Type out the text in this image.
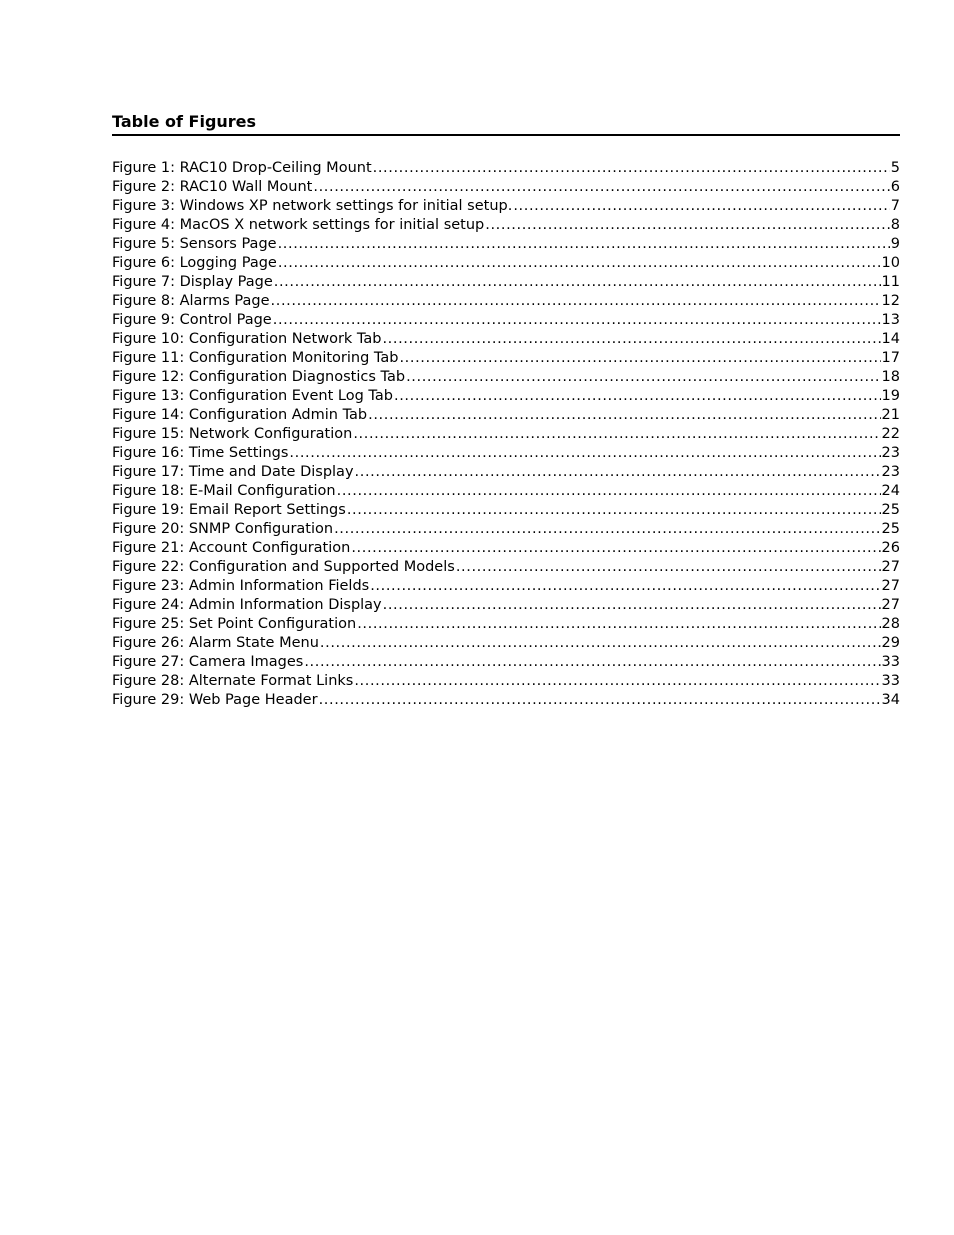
Table of Figures
Figure 1: RAC10 Drop-Ceiling Mount .....	5
Figure 2: RAC10 Wall Mount .....	6
Figure 3: Windows XP network settings for initial setup. .....	7
Figure 4: MacOS X network settings for initial setup .....	8
Figure 5: Sensors Page .....	9
Figure 6: Logging Page .....	10
Figure 7: Display Page .....	11
Figure 8: Alarms Page .....	12
Figure 9: Control Page .....	13
Figure 10: Configuration Network Tab .....	14
Figure 11: Configuration Monitoring Tab .....	17
Figure 12: Configuration Diagnostics Tab .....	18
Figure 13: Configuration Event Log Tab .....	19
Figure 14: Configuration Admin Tab .....	21
Figure 15: Network Configuration .....	22
Figure 16: Time Settings .....	23
Figure 17: Time and Date Display .....	23
Figure 18: E-Mail Configuration .....	24
Figure 19: Email Report Settings .....	25
Figure 20: SNMP Configuration .....	25
Figure 21: Account Configuration .....	26
Figure 22: Configuration and Supported Models .....	27
Figure 23: Admin Information Fields .....	27
Figure 24: Admin Information Display .....	27
Figure 25: Set Point Configuration .....	28
Figure 26: Alarm State Menu .....	29
Figure 27: Camera Images .....	33
Figure 28: Alternate Format Links .....	33
Figure 29: Web Page Header .....	34
